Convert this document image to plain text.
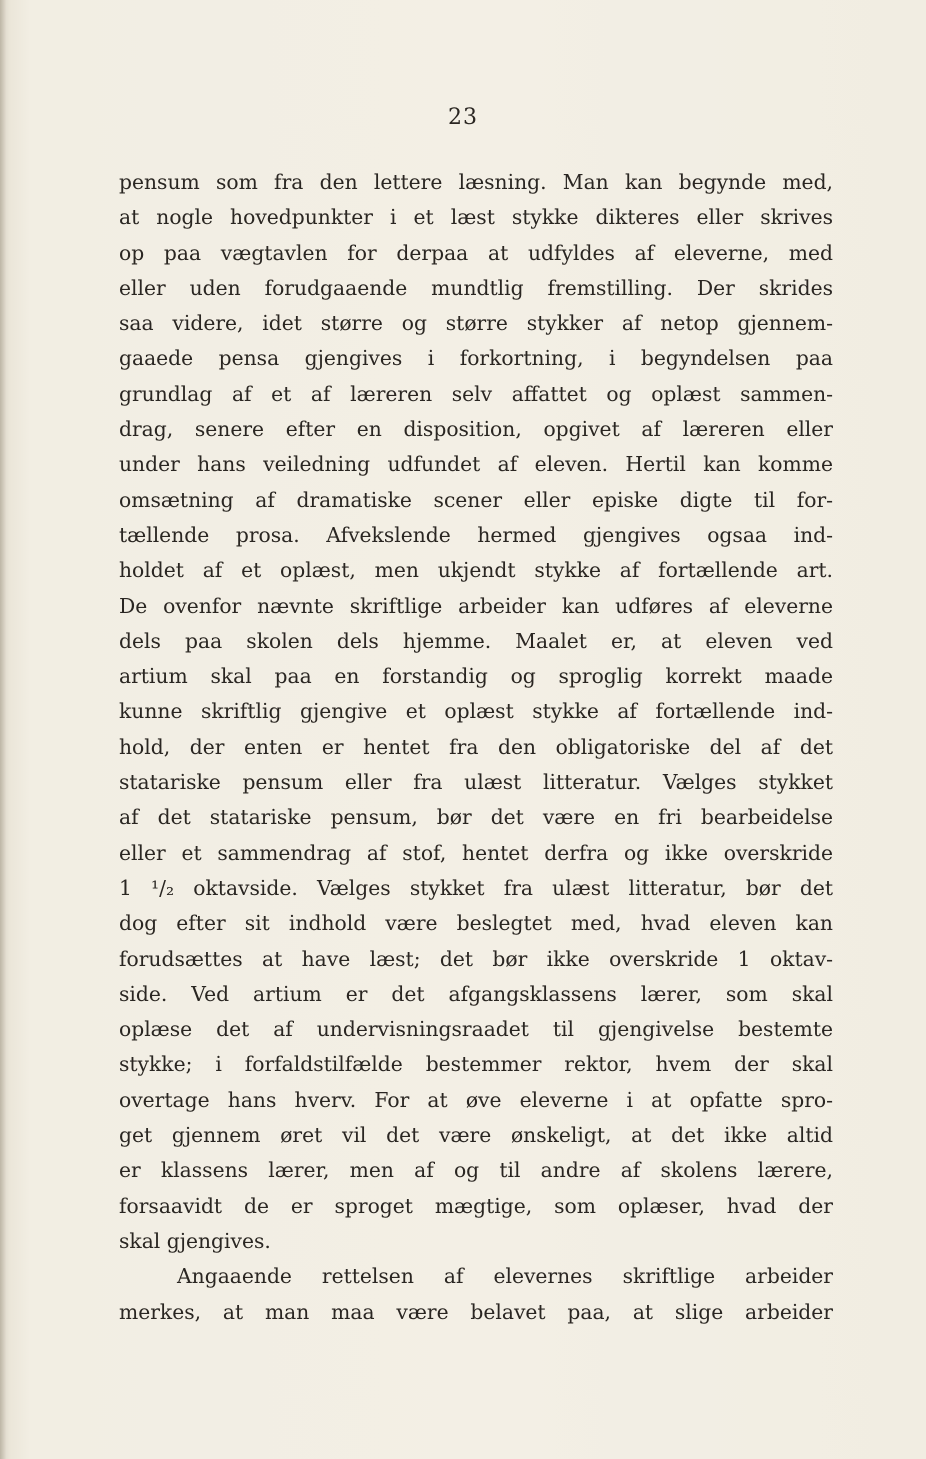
23
pensum som fra den lettere læsning. Man kan begynde med,
at nogle hovedpunkter i et læst stykke dikteres eller skrives
op paa vægtavlen for derpaa at udfyldes af eleverne, med
eller uden forudgaaende mundtlig fremstilling. Der skrides
saa videre, idet større og større stykker af netop gjennem-
gaaede pensa gjengives i forkortning, i begyndelsen paa
grundlag af et af læreren selv affattet og oplæst sammen-
drag, senere efter en disposition, opgivet af læreren eller
under hans veiledning udfundet af eleven. Hertil kan komme
omsætning af dramatiske scener eller episke digte til for-
tællende prosa. Afvekslende hermed gjengives ogsaa ind-
holdet af et oplæst, men ukjendt stykke af fortællende art.
De ovenfor nævnte skriftlige arbeider kan udføres af eleverne
dels paa skolen dels hjemme. Maalet er, at eleven ved
artium skal paa en forstandig og sproglig korrekt maade
kunne skriftlig gjengive et oplæst stykke af fortællende ind-
hold, der enten er hentet fra den obligatoriske del af det
statariske pensum eller fra ulæst litteratur. Vælges stykket
af det statariske pensum, bør det være en fri bearbeidelse
eller et sammendrag af stof, hentet derfra og ikke overskride
1 ¹/₂ oktavside. Vælges stykket fra ulæst litteratur, bør det
dog efter sit indhold være beslegtet med, hvad eleven kan
forudsættes at have læst; det bør ikke overskride 1 oktav-
side. Ved artium er det afgangsklassens lærer, som skal
oplæse det af undervisningsraadet til gjengivelse bestemte
stykke; i forfaldstilfælde bestemmer rektor, hvem der skal
overtage hans hverv. For at øve eleverne i at opfatte spro-
get gjennem øret vil det være ønskeligt, at det ikke altid
er klassens lærer, men af og til andre af skolens lærere,
forsaavidt de er sproget mægtige, som oplæser, hvad der
skal gjengives.
Angaaende rettelsen af elevernes skriftlige arbeider
merkes, at man maa være belavet paa, at slige arbeider
